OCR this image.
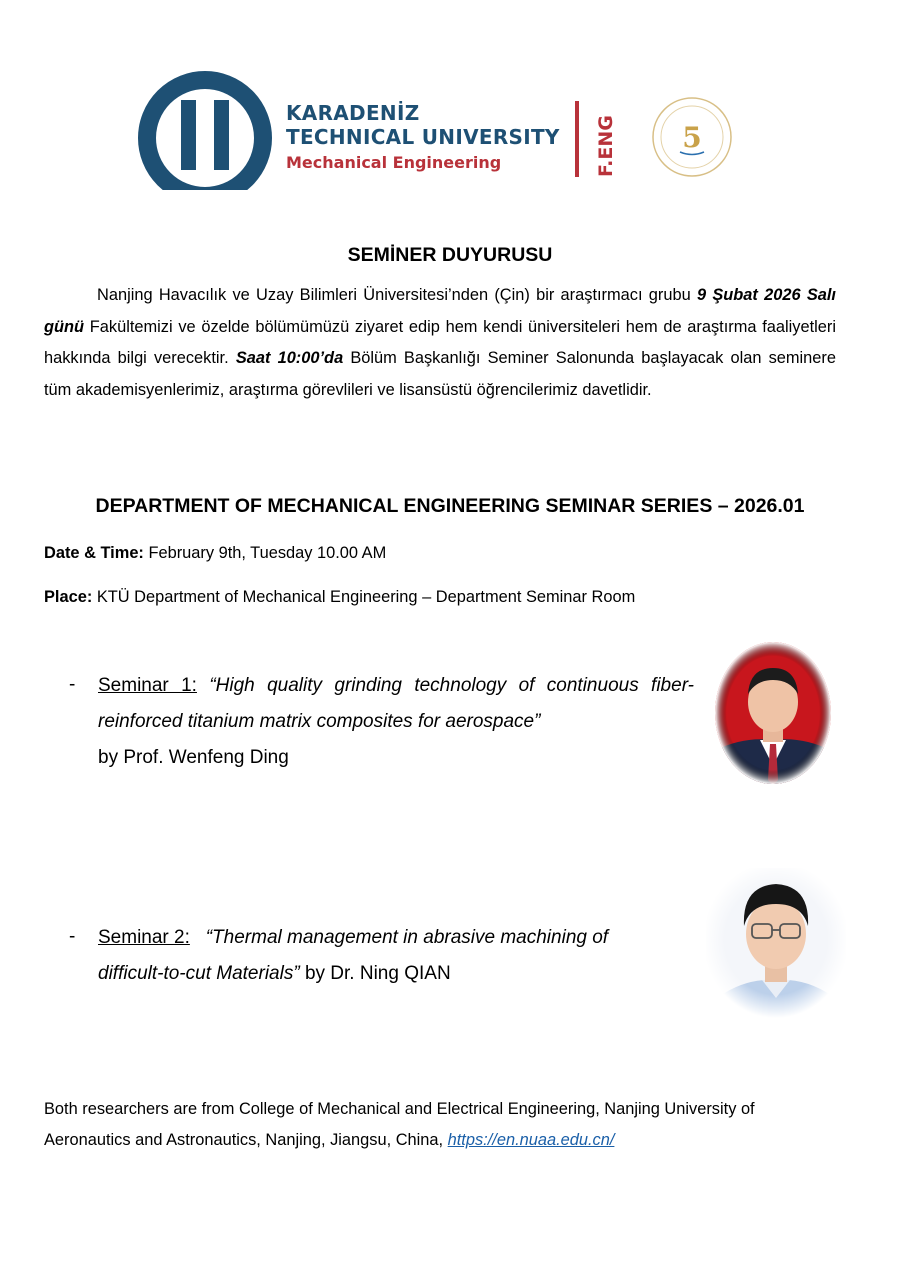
KARADENİZ
TECHNICAL UNIVERSITY
Mechanical Engineering	F.ENG 5
SEMİNER DUYURUSU

Nanjing Havacılık ve Uzay Bilimleri Üniversitesi’nden (Çin) bir araştırmacı grubu 9 Şubat 2026 Salı günü Fakültemizi ve özelde bölümümüzü ziyaret edip hem kendi üniversiteleri hem de araştırma faaliyetleri hakkında bilgi verecektir. Saat 10:00’da Bölüm Başkanlığı Seminer Salonunda başlayacak olan seminere tüm akademisyenlerimiz, araştırma görevlileri ve lisansüstü öğrencilerimiz davetlidir.

DEPARTMENT OF MECHANICAL ENGINEERING SEMINAR SERIES – 2026.01
Date & Time: February 9th, Tuesday 10.00 AM
Place: KTÜ Department of Mechanical Engineering – Department Seminar Room
- Seminar 1: “High quality grinding technology of continuous fiber-reinforced titanium matrix composites for aerospace”
by Prof. Wenfeng Ding
- Seminar 2: “Thermal management in abrasive machining of difficult-to-cut Materials” by Dr. Ning QIAN

Both researchers are from College of Mechanical and Electrical Engineering, Nanjing University of Aeronautics and Astronautics, Nanjing, Jiangsu, China, https://en.nuaa.edu.cn/
